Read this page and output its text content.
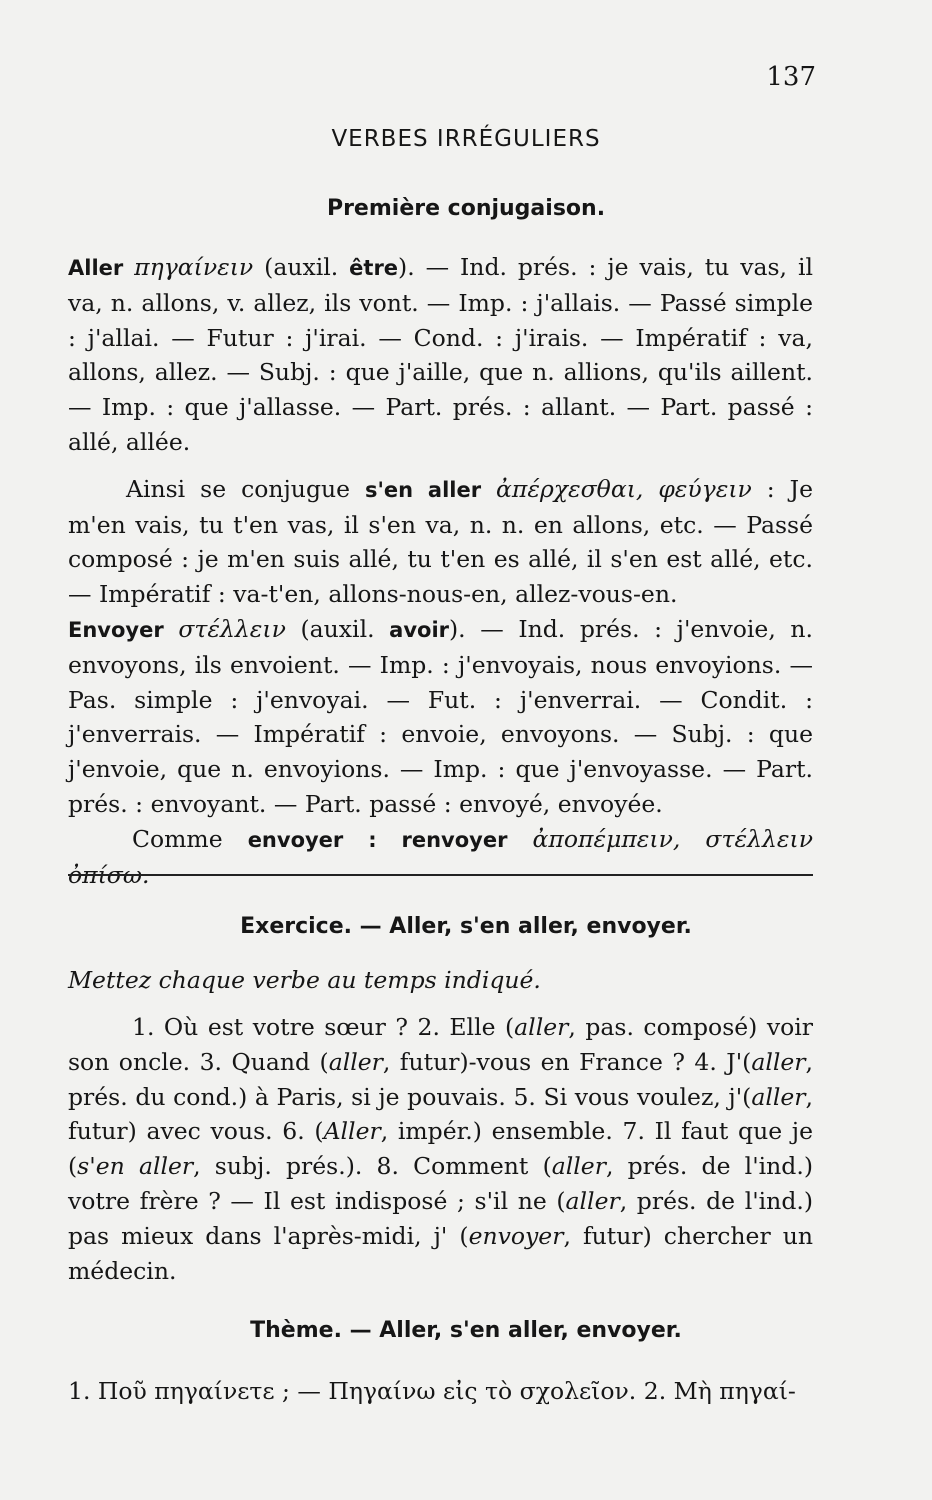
137
VERBES IRRÉGULIERS
Première conjugaison.

Aller πηγαίνειν (auxil. être). — Ind. prés. : je vais, tu vas, il va, n. allons, v. allez, ils vont. — Imp. : j'allais. — Passé simple : j'allai. — Futur : j'irai. — Cond. : j'irais. — Impératif : va, allons, allez. — Subj. : que j'aille, que n. allions, qu'ils aillent. — Imp. : que j'allasse. — Part. prés. : allant. — Part. passé : allé, allée.

Ainsi se conjugue s'en aller ἀπέρχεσθαι, φεύγειν : Je m'en vais, tu t'en vas, il s'en va, n. n. en allons, etc. — Passé composé : je m'en suis allé, tu t'en es allé, il s'en est allé, etc. — Impératif : va-t'en, allons-nous-en, allez-vous-en.

Envoyer στέλλειν (auxil. avoir). — Ind. prés. : j'envoie, n. envoyons, ils envoient. — Imp. : j'envoyais, nous envoyions. — Pas. simple : j'envoyai. — Fut. : j'enverrai. — Condit. : j'enverrais. — Impératif : envoie, envoyons. — Subj. : que j'envoie, que n. envoyions. — Imp. : que j'envoyasse. — Part. prés. : envoyant. — Part. passé : envoyé, envoyée.

Comme envoyer : renvoyer ἀποπέμπειν, στέλλειν ὀπίσω.

Exercice. — Aller, s'en aller, envoyer.
Mettez chaque verbe au temps indiqué.

1. Où est votre sœur ? 2. Elle (aller, pas. composé) voir son oncle. 3. Quand (aller, futur)-vous en France ? 4. J'(aller, prés. du cond.) à Paris, si je pouvais. 5. Si vous voulez, j'(aller, futur) avec vous. 6. (Aller, impér.) ensemble. 7. Il faut que je (s'en aller, subj. prés.). 8. Comment (aller, prés. de l'ind.) votre frère ? — Il est indisposé ; s'il ne (aller, prés. de l'ind.) pas mieux dans l'après-midi, j' (envoyer, futur) chercher un médecin.

Thème. — Aller, s'en aller, envoyer.
1. Ποῦ πηγαίνετε ; — Πηγαίνω εἰς τὸ σχολεῖον. 2. Μὴ πηγαί-
